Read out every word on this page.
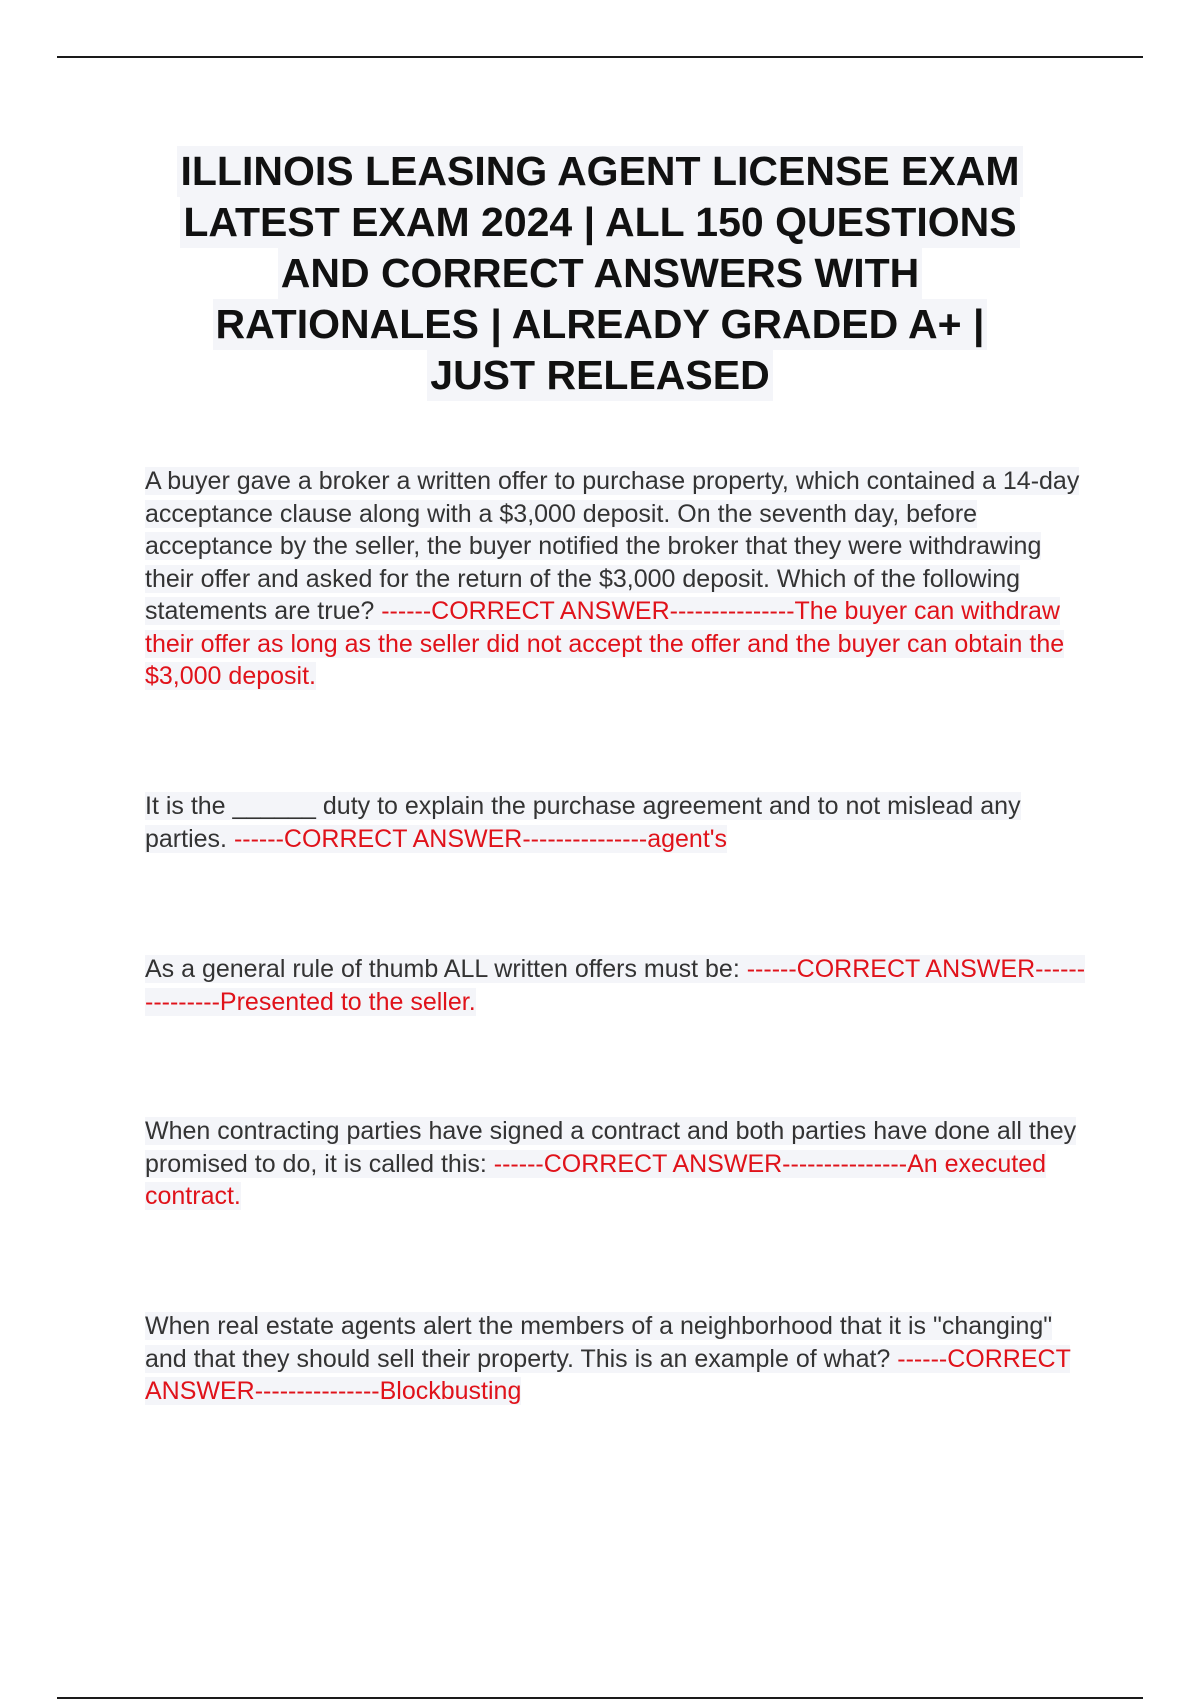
ILLINOIS LEASING AGENT LICENSE EXAM
LATEST EXAM 2024 | ALL 150 QUESTIONS
AND CORRECT ANSWERS WITH
RATIONALES | ALREADY GRADED A+ |
JUST RELEASED
A buyer gave a broker a written offer to purchase property, which contained a 14-day acceptance clause along with a $3,000 deposit. On the seventh day, before acceptance by the seller, the buyer notified the broker that they were withdrawing their offer and asked for the return of the $3,000 deposit. Which of the following statements are true? ------CORRECT ANSWER---------------The buyer can withdraw their offer as long as the seller did not accept the offer and the buyer can obtain the $3,000 deposit.
It is the ______ duty to explain the purchase agreement and to not mislead any parties. ------CORRECT ANSWER---------------agent's
As a general rule of thumb ALL written offers must be: ------CORRECT ANSWER---------------Presented to the seller.
When contracting parties have signed a contract and both parties have done all they promised to do, it is called this: ------CORRECT ANSWER---------------An executed contract.
When real estate agents alert the members of a neighborhood that it is "changing" and that they should sell their property. This is an example of what? ------CORRECT ANSWER---------------Blockbusting
